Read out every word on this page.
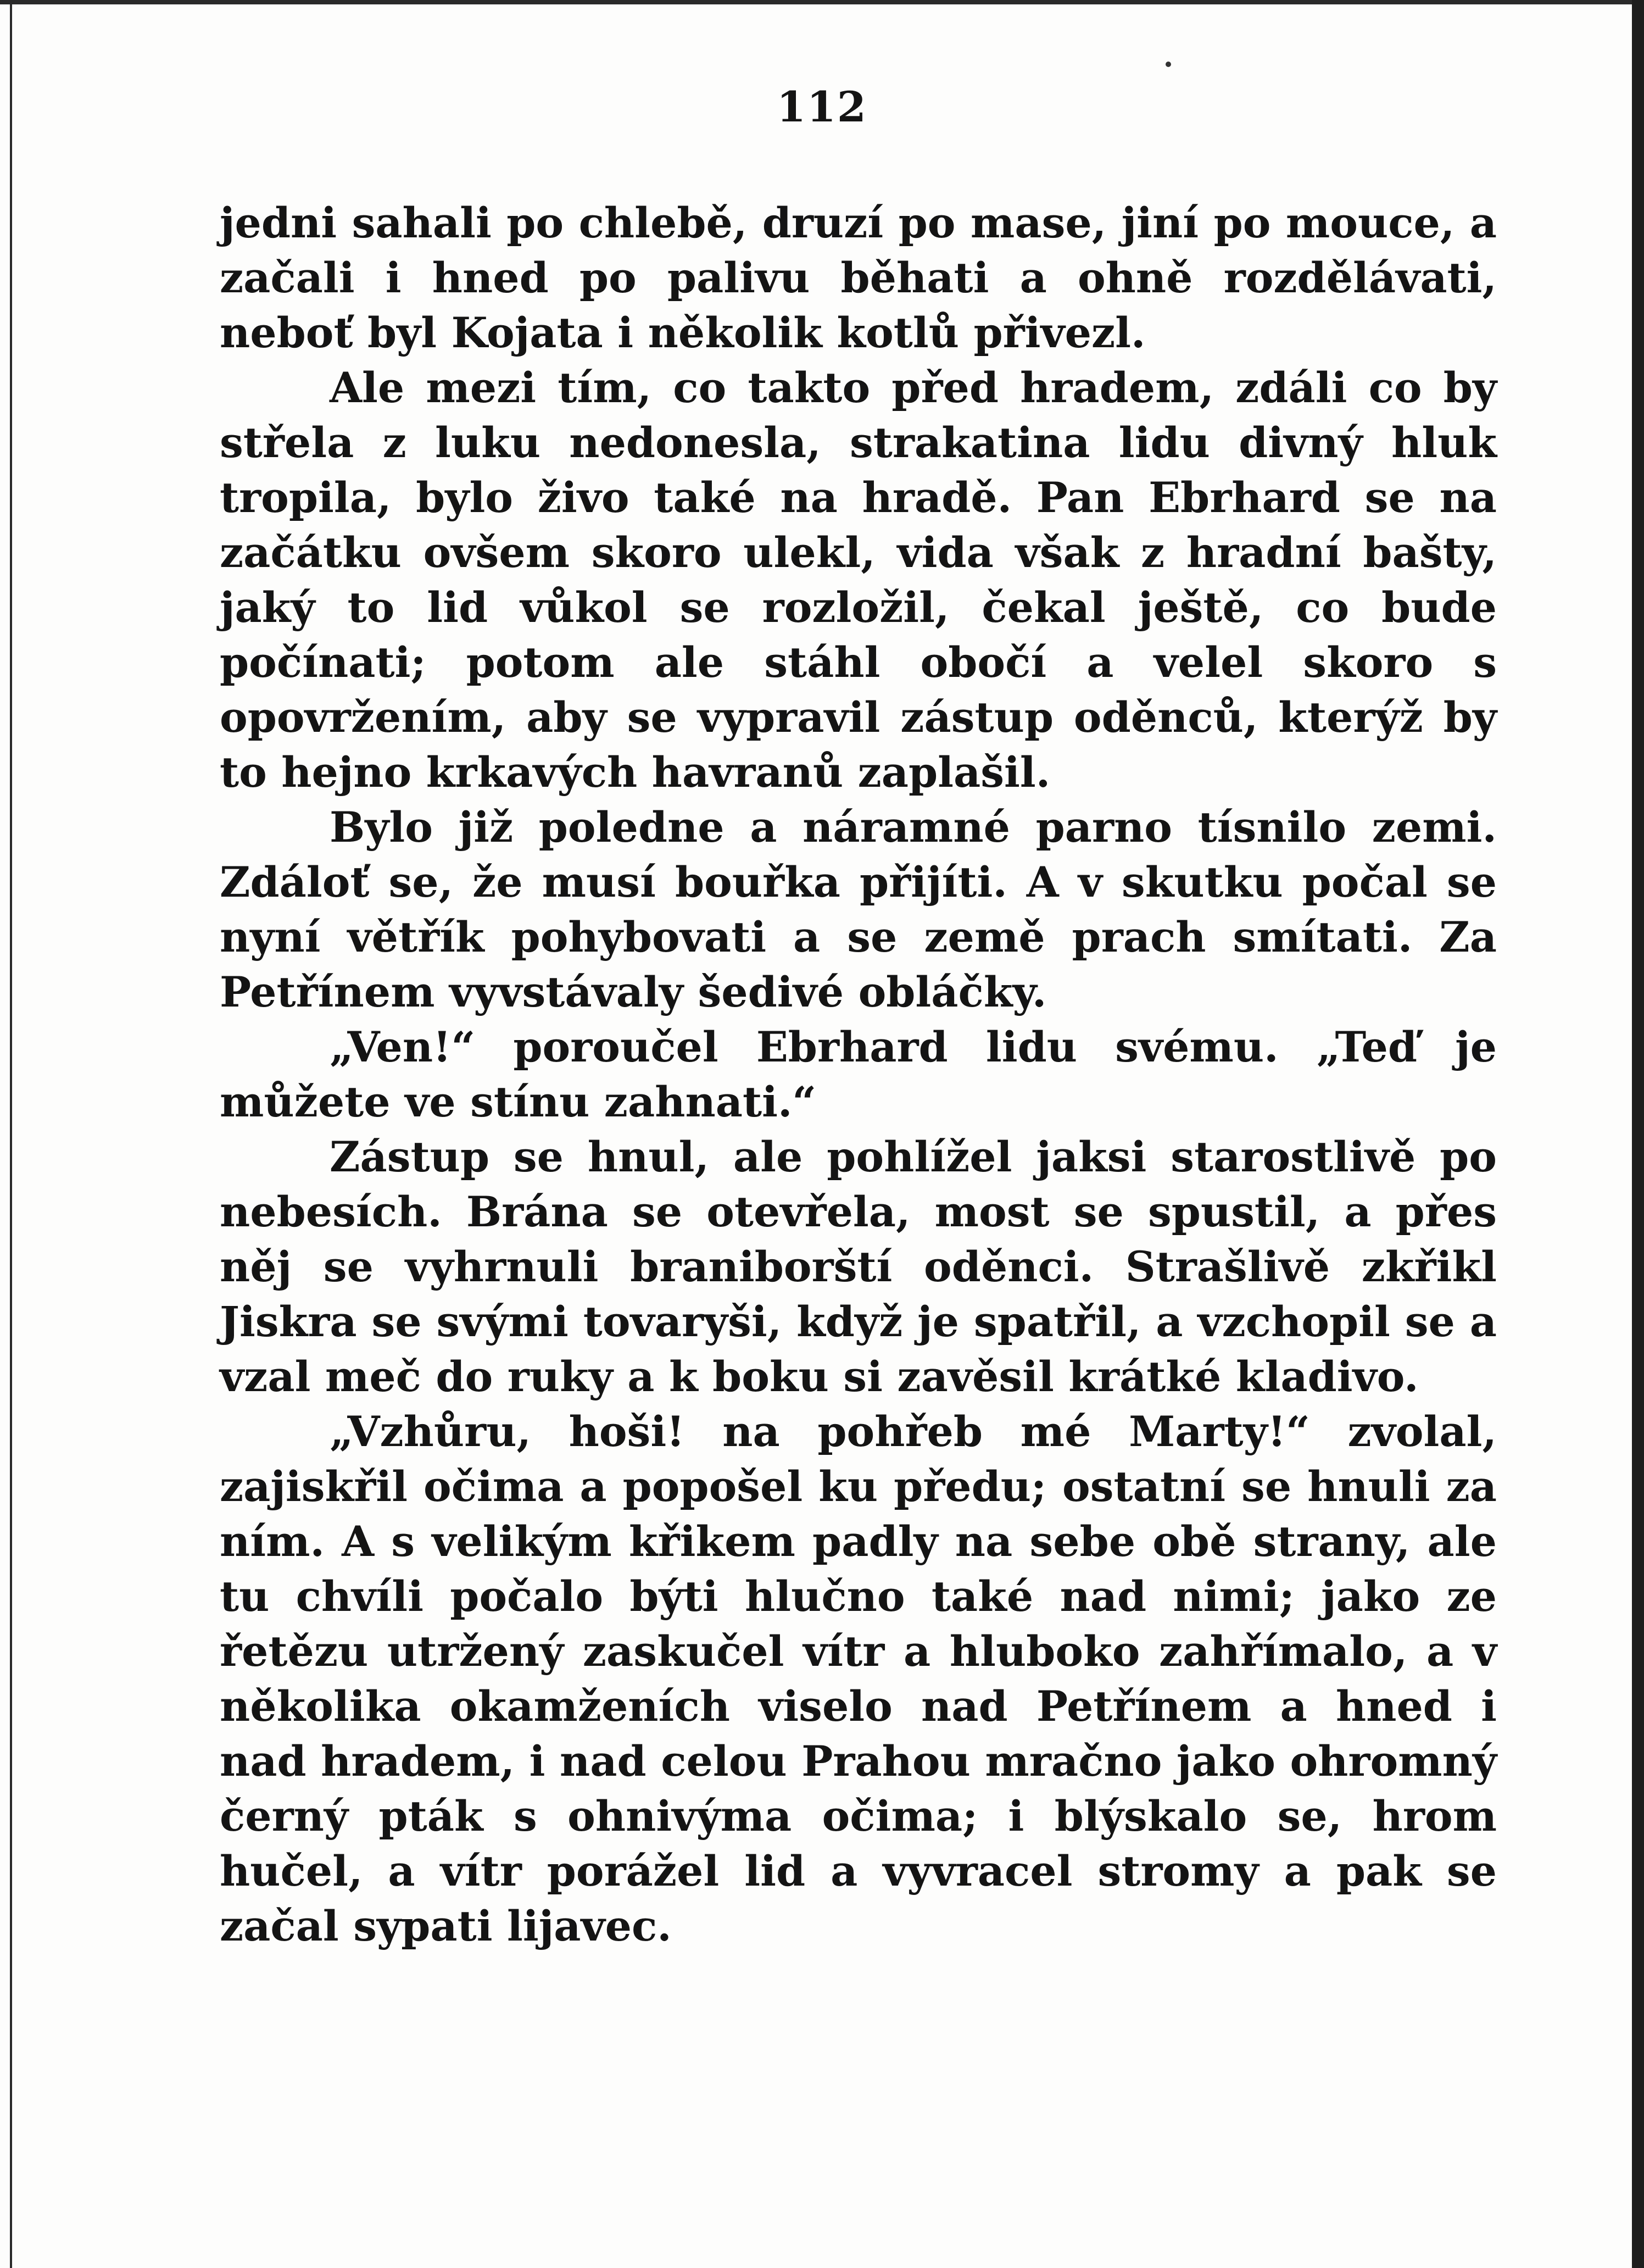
112

jedni sahali po chlebě, druzí po mase, jiní po mouce, a začali i hned po palivu běhati a ohně rozdělávati, neboť byl Kojata i několik kotlů přivezl.

Ale mezi tím, co takto před hradem, zdáli co by střela z luku nedonesla, strakatina lidu divný hluk tropila, bylo živo také na hradě. Pan Ebrhard se na začátku ovšem skoro ulekl, vida však z hradní bašty, jaký to lid vůkol se rozložil, čekal ještě, co bude počínati; potom ale stáhl obočí a velel skoro s opovržením, aby se vypravil zástup oděnců, kterýž by to hejno krkavých havranů zaplašil.

Bylo již poledne a náramné parno tísnilo zemi. Zdáloť se, že musí bouřka přijíti. A v skutku počal se nyní větřík pohybovati a se země prach smítati. Za Petřínem vyvstávaly šedivé obláčky.

„Ven!“ poroučel Ebrhard lidu svému. „Teď je můžete ve stínu zahnati.“

Zástup se hnul, ale pohlížel jaksi starostlivě po nebesích. Brána se otevřela, most se spustil, a přes něj se vyhrnuli braniborští oděnci. Strašlivě zkřikl Jiskra se svými tovaryši, když je spatřil, a vzchopil se a vzal meč do ruky a k boku si zavěsil krátké kladivo.

„Vzhůru, hoši! na pohřeb mé Marty!“ zvolal, zajiskřil očima a popošel ku předu; ostatní se hnuli za ním. A s velikým křikem padly na sebe obě strany, ale tu chvíli počalo býti hlučno také nad nimi; jako ze řetězu utržený zaskučel vítr a hluboko zahřímalo, a v několika okamženích viselo nad Petřínem a hned i nad hradem, i nad celou Prahou mračno jako ohromný černý pták s ohnivýma očima; i blýskalo se, hrom hučel, a vítr porážel lid a vyvracel stromy a pak se začal sypati lijavec.
